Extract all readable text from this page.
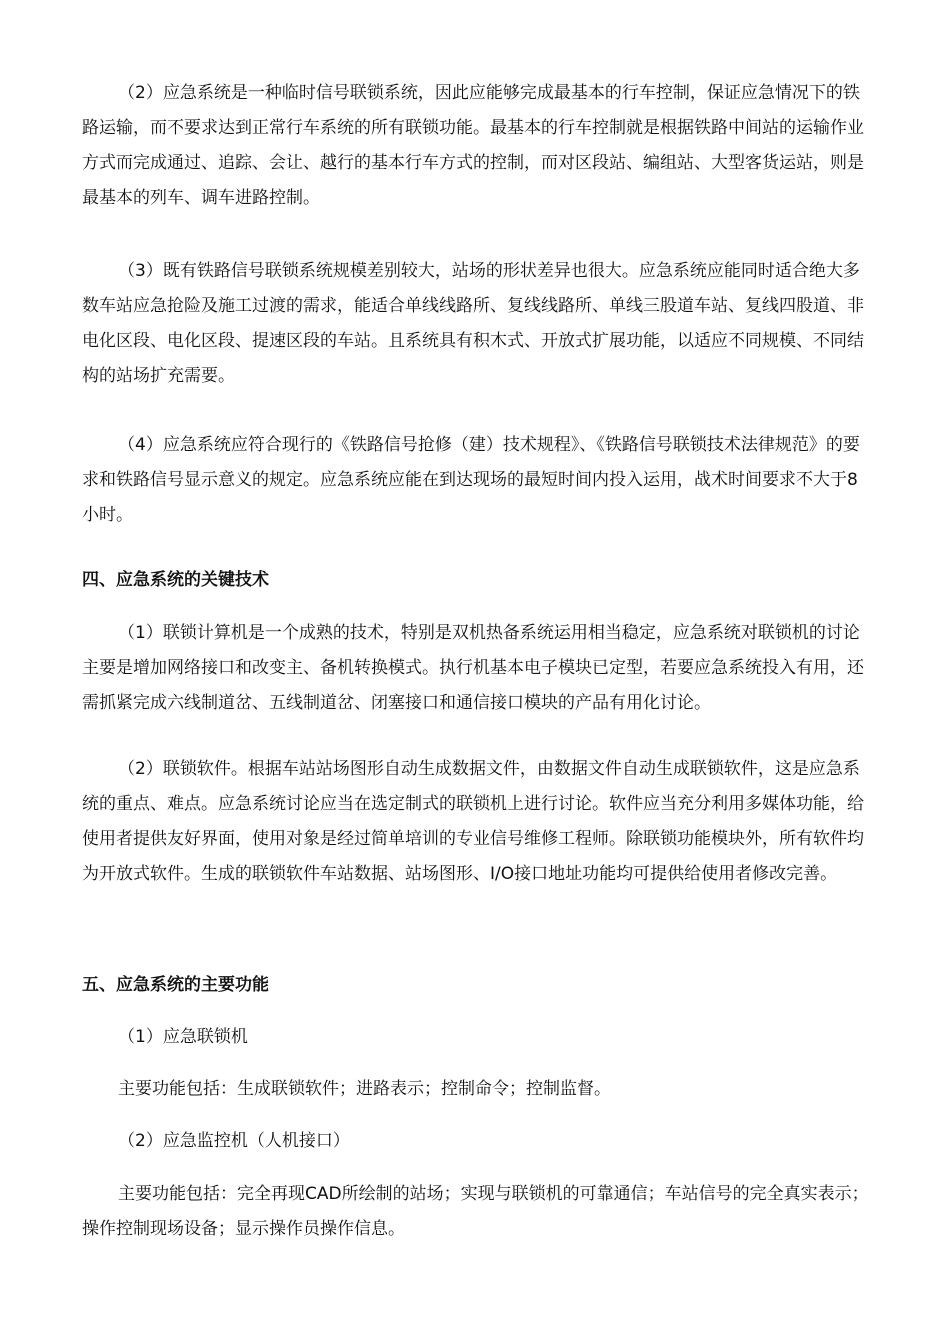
（2）应急系统是一种临时信号联锁系统，因此应能够完成最基本的行车控制，保证应急情况下的铁路运输，而不要求达到正常行车系统的所有联锁功能。最基本的行车控制就是根据铁路中间站的运输作业方式而完成通过、追踪、会让、越行的基本行车方式的控制，而对区段站、编组站、大型客货运站，则是最基本的列车、调车进路控制。

（3）既有铁路信号联锁系统规模差别较大，站场的形状差异也很大。应急系统应能同时适合绝大多数车站应急抢险及施工过渡的需求，能适合单线线路所、复线线路所、单线三股道车站、复线四股道、非电化区段、电化区段、提速区段的车站。且系统具有积木式、开放式扩展功能，以适应不同规模、不同结构的站场扩充需要。

（4）应急系统应符合现行的《铁路信号抢修（建）技术规程》、《铁路信号联锁技术法律规范》的要求和铁路信号显示意义的规定。应急系统应能在到达现场的最短时间内投入运用，战术时间要求不大于8小时。

四、应急系统的关键技术

（1）联锁计算机是一个成熟的技术，特别是双机热备系统运用相当稳定，应急系统对联锁机的讨论主要是增加网络接口和改变主、备机转换模式。执行机基本电子模块已定型，若要应急系统投入有用，还需抓紧完成六线制道岔、五线制道岔、闭塞接口和通信接口模块的产品有用化讨论。

（2）联锁软件。根据车站站场图形自动生成数据文件，由数据文件自动生成联锁软件，这是应急系统的重点、难点。应急系统讨论应当在选定制式的联锁机上进行讨论。软件应当充分利用多媒体功能，给使用者提供友好界面，使用对象是经过简单培训的专业信号维修工程师。除联锁功能模块外，所有软件均为开放式软件。生成的联锁软件车站数据、站场图形、I/O接口地址功能均可提供给使用者修改完善。

五、应急系统的主要功能

（1）应急联锁机

主要功能包括：生成联锁软件；进路表示；控制命令；控制监督。

（2）应急监控机（人机接口）

主要功能包括：完全再现CAD所绘制的站场；实现与联锁机的可靠通信；车站信号的完全真实表示；操作控制现场设备；显示操作员操作信息。
